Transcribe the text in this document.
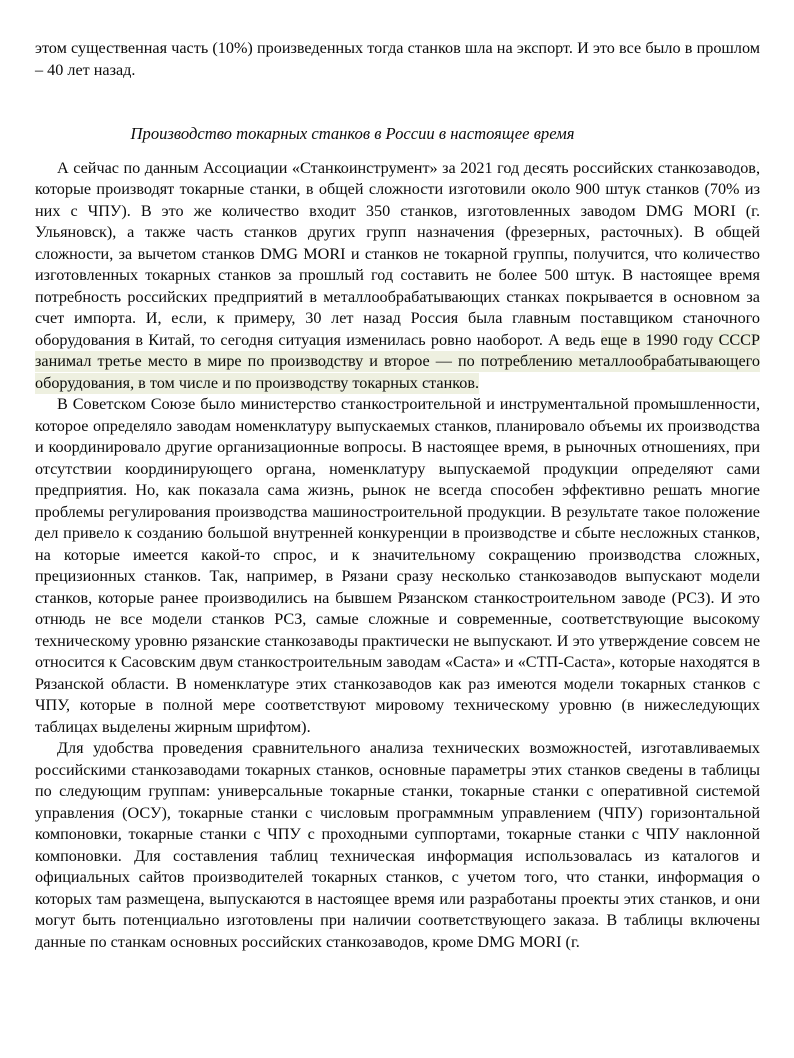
этом существенная часть (10%) произведенных тогда станков шла на экспорт. И это все было в прошлом – 40 лет назад.

Производство токарных станков в России в настоящее время

А сейчас по данным Ассоциации «Станкоинструмент» за 2021 год десять российских станкозаводов, которые производят токарные станки, в общей сложности изготовили около 900 штук станков (70% из них с ЧПУ). В это же количество входит 350 станков, изготовленных заводом DMG MORI (г. Ульяновск), а также часть станков других групп назначения (фрезерных, расточных). В общей сложности, за вычетом станков DMG MORI и станков не токарной группы, получится, что количество изготовленных токарных станков за прошлый год составить не более 500 штук. В настоящее время потребность российских предприятий в металлообрабатывающих станках покрывается в основном за счет импорта. И, если, к примеру, 30 лет назад Россия была главным поставщиком станочного оборудования в Китай, то сегодня ситуация изменилась ровно наоборот. А ведь еще в 1990 году СССР занимал третье место в мире по производству и второе — по потреблению металлообрабатывающего оборудования, в том числе и по производству токарных станков.

В Советском Союзе было министерство станкостроительной и инструментальной промышленности, которое определяло заводам номенклатуру выпускаемых станков, планировало объемы их производства и координировало другие организационные вопросы. В настоящее время, в рыночных отношениях, при отсутствии координирующего органа, номенклатуру выпускаемой продукции определяют сами предприятия. Но, как показала сама жизнь, рынок не всегда способен эффективно решать многие проблемы регулирования производства машиностроительной продукции. В результате такое положение дел привело к созданию большой внутренней конкуренции в производстве и сбыте несложных станков, на которые имеется какой-то спрос, и к значительному сокращению производства сложных, прецизионных станков. Так, например, в Рязани сразу несколько станкозаводов выпускают модели станков, которые ранее производились на бывшем Рязанском станкостроительном заводе (РСЗ). И это отнюдь не все модели станков РСЗ, самые сложные и современные, соответствующие высокому техническому уровню рязанские станкозаводы практически не выпускают. И это утверждение совсем не относится к Сасовским двум станкостроительным заводам «Саста» и «СТП-Саста», которые находятся в Рязанской области. В номенклатуре этих станкозаводов как раз имеются модели токарных станков с ЧПУ, которые в полной мере соответствуют мировому техническому уровню (в нижеследующих таблицах выделены жирным шрифтом).

Для удобства проведения сравнительного анализа технических возможностей, изготавливаемых российскими станкозаводами токарных станков, основные параметры этих станков сведены в таблицы по следующим группам: универсальные токарные станки, токарные станки с оперативной системой управления (ОСУ), токарные станки с числовым программным управлением (ЧПУ) горизонтальной компоновки, токарные станки с ЧПУ с проходными суппортами, токарные станки с ЧПУ наклонной компоновки. Для составления таблиц техническая информация использовалась из каталогов и официальных сайтов производителей токарных станков, с учетом того, что станки, информация о которых там размещена, выпускаются в настоящее время или разработаны проекты этих станков, и они могут быть потенциально изготовлены при наличии соответствующего заказа. В таблицы включены данные по станкам основных российских станкозаводов, кроме DMG MORI (г.
